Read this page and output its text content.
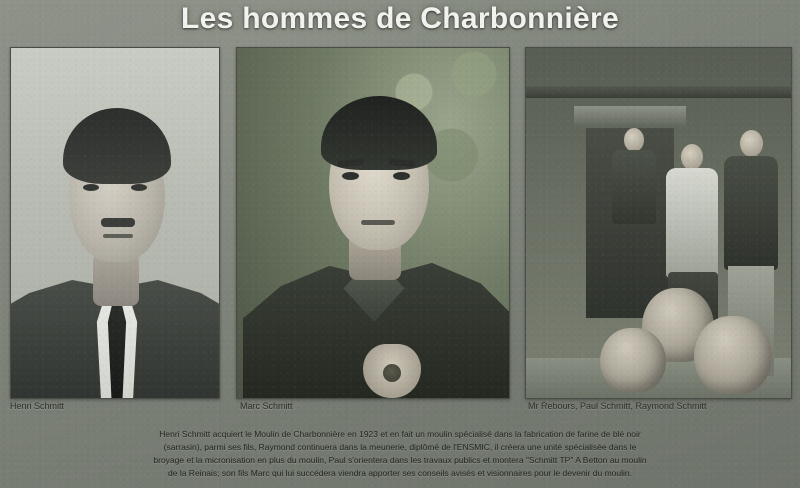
Les hommes de Charbonnière
Henri Schmitt	Marc Schmitt	Mr Rebours, Paul Schmitt, Raymond Schmitt

Henri Schmitt acquiert le Moulin de Charbonnière en 1923 et en fait un moulin spécialisé dans la fabrication de farine de blé noir

(sarrasin), parmi ses fils, Raymond continuera dans la meunerie, diplômé de l'ENSMIC, il créera une unité spécialisée dans le

broyage et la micronisation en plus du moulin, Paul s'orientera dans les travaux publics et montera "Schmitt TP" A Betton au moulin

de la Reinais; son fils Marc qui lui succédera viendra apporter ses conseils avisés et visionnaires pour le devenir du moulin.
